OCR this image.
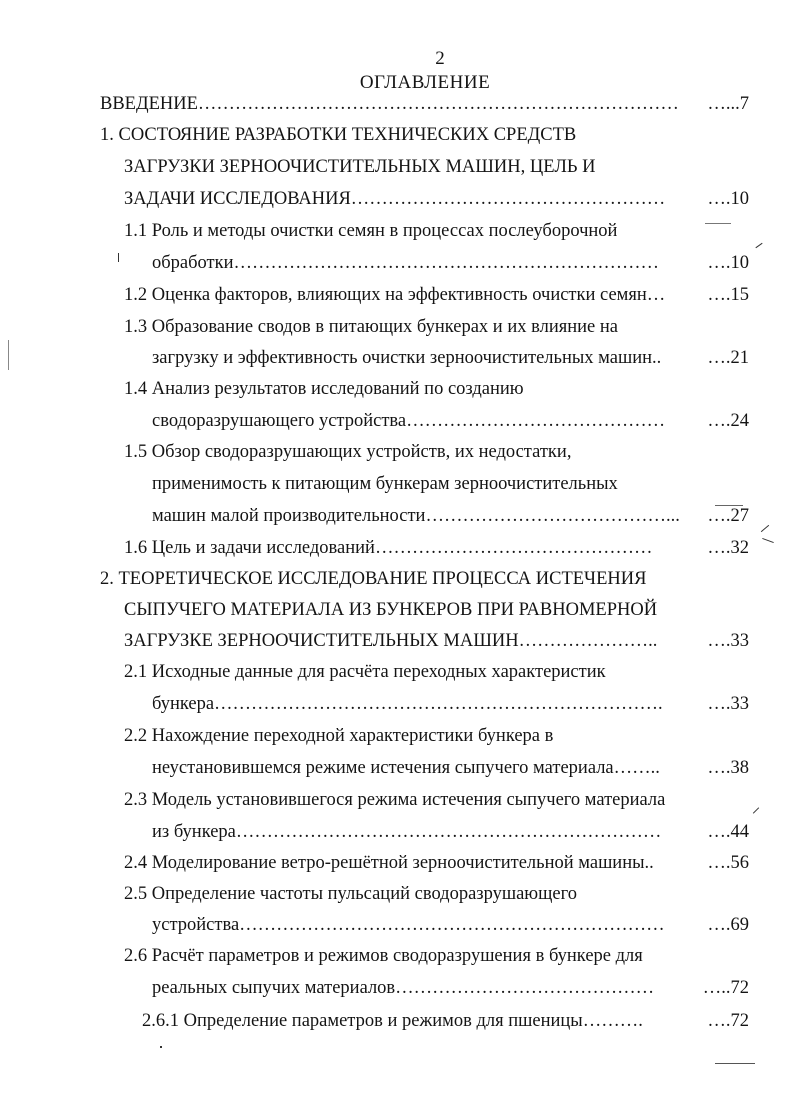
2
ОГЛАВЛЕНИЕ
ВВЕДЕНИЕ…………………………………………………………………… …...7
1. СОСТОЯНИЕ РАЗРАБОТКИ ТЕХНИЧЕСКИХ СРЕДСТВ
ЗАГРУЗКИ ЗЕРНООЧИСТИТЕЛЬНЫХ МАШИН, ЦЕЛЬ И
ЗАДАЧИ ИССЛЕДОВАНИЯ…………………………………………… ….10
1.1 Роль и методы очистки семян в процессах послеуборочной
обработки……………………………………………………………	….10
1.2 Оценка факторов, влияющих на эффективность очистки семян… ….15
1.3 Образование сводов в питающих бункерах и их влияние на
загрузку и эффективность очистки зерноочистительных машин.. ….21
1.4 Анализ результатов исследований по созданию
сводоразрушающего устройства…………………………………… ….24
1.5 Обзор сводоразрушающих устройств, их недостатки,
применимость к питающим бункерам зерноочистительных
машин малой производительности…………………………………... ….27
1.6 Цель и задачи исследований………………………………………	….32
2. ТЕОРЕТИЧЕСКОЕ ИССЛЕДОВАНИЕ ПРОЦЕССА ИСТЕЧЕНИЯ
СЫПУЧЕГО МАТЕРИАЛА ИЗ БУНКЕРОВ ПРИ РАВНОМЕРНОЙ
ЗАГРУЗКЕ ЗЕРНООЧИСТИТЕЛЬНЫХ МАШИН…………………..	….33
2.1 Исходные данные для расчёта переходных характеристик
бункера………………………………………………………………. ….33
2.2 Нахождение переходной характеристики бункера в
неустановившемся режиме истечения сыпучего материала……..	….38
2.3 Модель установившегося режима истечения сыпучего материала
из бункера…………………………………………………………… ….44
2.4 Моделирование ветро-решётной зерноочистительной машины..	….56
2.5 Определение частоты пульсаций сводоразрушающего
устройства…………………………………………………………… ….69
2.6 Расчёт параметров и режимов сводоразрушения в бункере для
реальных сыпучих материалов……………………………………	…..72
2.6.1 Определение параметров и режимов для пшеницы……….	….72
